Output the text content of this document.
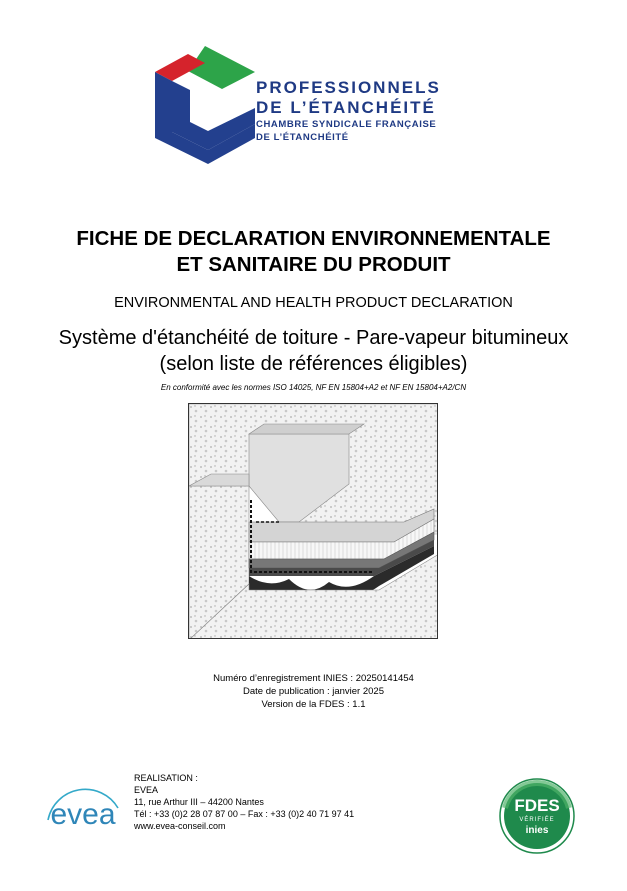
PROFESSIONNELS
DE L’ÉTANCHÉITÉ
CHAMBRE SYNDICALE FRANÇAISE
DE L’ÉTANCHÉITÉ
FICHE DE DECLARATION ENVIRONNEMENTALE
ET SANITAIRE DU PRODUIT
ENVIRONMENTAL AND HEALTH PRODUCT DECLARATION
Système d'étanchéité de toiture - Pare-vapeur bitumineux (selon liste de références éligibles)
En conformité avec les normes ISO 14025, NF EN 15804+A2 et NF EN 15804+A2/CN
Numéro d’enregistrement INIES : 20250141454
Date de publication : janvier 2025
Version de la FDES : 1.1
evea
REALISATION :
EVEA
11, rue Arthur III – 44200 Nantes
Tél : +33 (0)2 28 07 87 00 – Fax : +33 (0)2 40 71 97 41
www.evea-conseil.com
FDES
VÉRIFIÉE
inies
